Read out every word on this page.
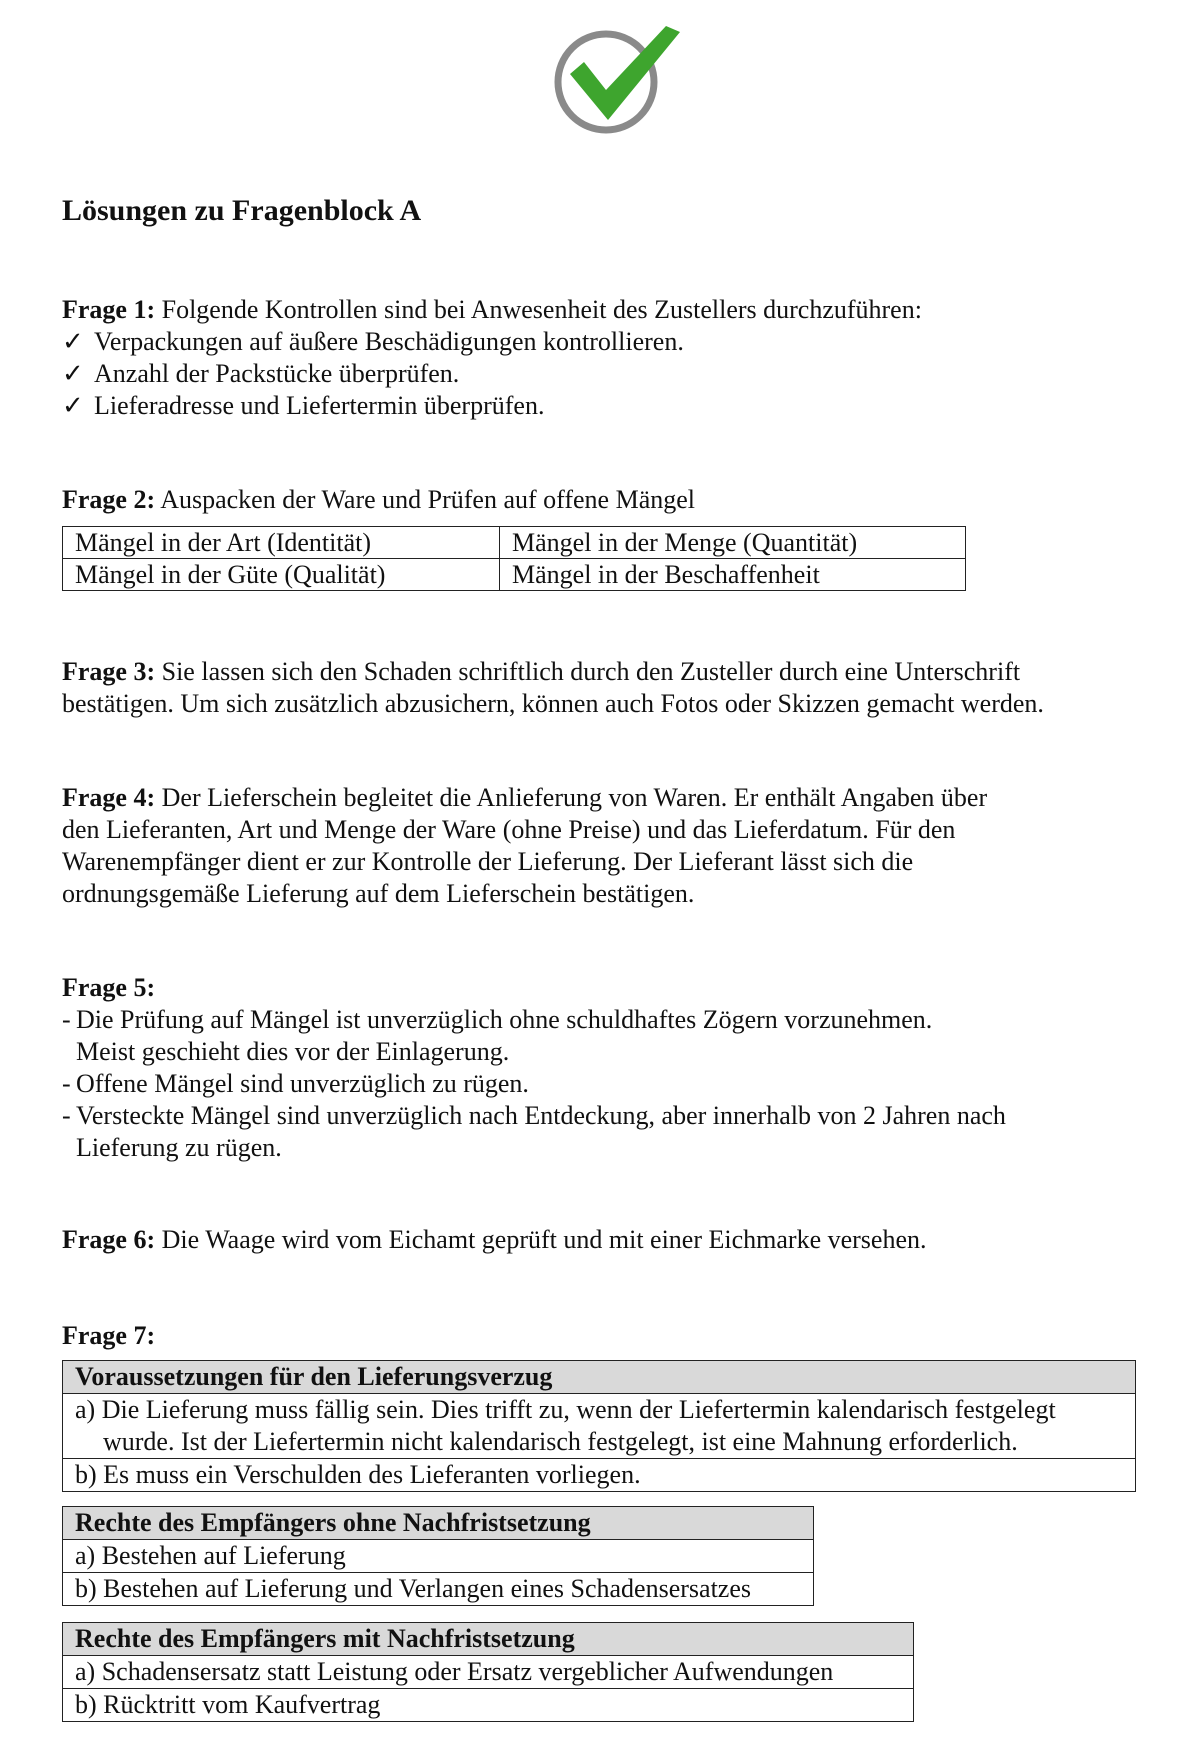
Lösungen zu Fragenblock A
Frage 1: Folgende Kontrollen sind bei Anwesenheit des Zustellers durchzuführen:
✓ Verpackungen auf äußere Beschädigungen kontrollieren.
✓ Anzahl der Packstücke überprüfen.
✓ Lieferadresse und Liefertermin überprüfen.
Frage 2: Auspacken der Ware und Prüfen auf offene Mängel
Mängel in der Art (Identität)	Mängel in der Menge (Quantität)
Mängel in der Güte (Qualität)	Mängel in der Beschaffenheit
Frage 3: Sie lassen sich den Schaden schriftlich durch den Zusteller durch eine Unterschrift
bestätigen. Um sich zusätzlich abzusichern, können auch Fotos oder Skizzen gemacht werden.
Frage 4: Der Lieferschein begleitet die Anlieferung von Waren. Er enthält Angaben über
den Lieferanten, Art und Menge der Ware (ohne Preise) und das Lieferdatum. Für den
Warenempfänger dient er zur Kontrolle der Lieferung. Der Lieferant lässt sich die
ordnungsgemäße Lieferung auf dem Lieferschein bestätigen.
Frage 5:
- Die Prüfung auf Mängel ist unverzüglich ohne schuldhaftes Zögern vorzunehmen.
Meist geschieht dies vor der Einlagerung.
- Offene Mängel sind unverzüglich zu rügen.
- Versteckte Mängel sind unverzüglich nach Entdeckung, aber innerhalb von 2 Jahren nach
Lieferung zu rügen.
Frage 6: Die Waage wird vom Eichamt geprüft und mit einer Eichmarke versehen.
Frage 7:
Voraussetzungen für den Lieferungsverzug
a) Die Lieferung muss fällig sein. Dies trifft zu, wenn der Liefertermin kalendarisch festgelegt
wurde. Ist der Liefertermin nicht kalendarisch festgelegt, ist eine Mahnung erforderlich.

b) Es muss ein Verschulden des Lieferanten vorliegen.
Rechte des Empfängers ohne Nachfristsetzung
a) Bestehen auf Lieferung
b) Bestehen auf Lieferung und Verlangen eines Schadensersatzes
Rechte des Empfängers mit Nachfristsetzung
a) Schadensersatz statt Leistung oder Ersatz vergeblicher Aufwendungen
b) Rücktritt vom Kaufvertrag
